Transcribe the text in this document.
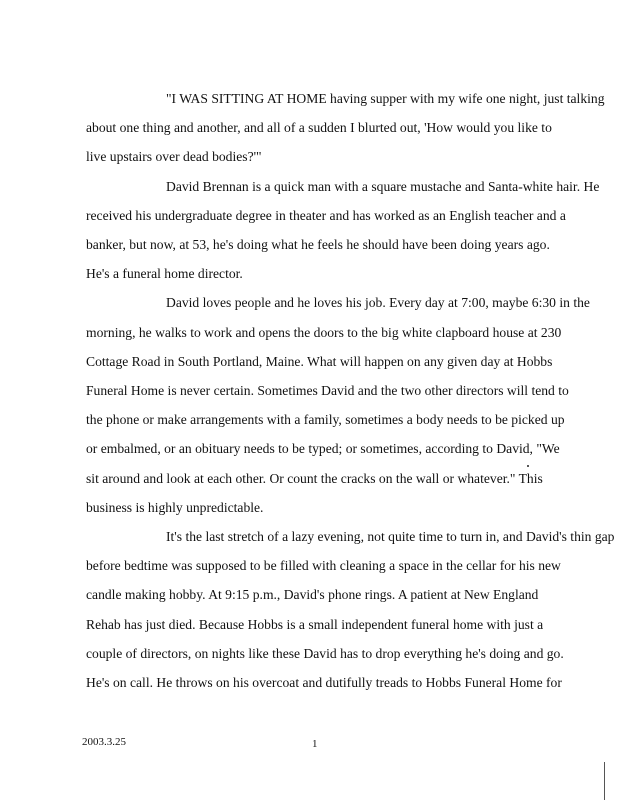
"I WAS SITTING AT HOME having supper with my wife one night, just talking
about one thing and another, and all of a sudden I blurted out, 'How would you like to
live upstairs over dead bodies?'"

David Brennan is a quick man with a square mustache and Santa-white hair. He
received his undergraduate degree in theater and has worked as an English teacher and a
banker, but now, at 53, he's doing what he feels he should have been doing years ago.
He's a funeral home director.

David loves people and he loves his job. Every day at 7:00, maybe 6:30 in the
morning, he walks to work and opens the doors to the big white clapboard house at 230
Cottage Road in South Portland, Maine. What will happen on any given day at Hobbs
Funeral Home is never certain. Sometimes David and the two other directors will tend to
the phone or make arrangements with a family, sometimes a body needs to be picked up
or embalmed, or an obituary needs to be typed; or sometimes, according to David, "We
sit around and look at each other. Or count the cracks on the wall or whatever." This
business is highly unpredictable.

It's the last stretch of a lazy evening, not quite time to turn in, and David's thin gap
before bedtime was supposed to be filled with cleaning a space in the cellar for his new
candle making hobby. At 9:15 p.m., David's phone rings. A patient at New England
Rehab has just died. Because Hobbs is a small independent funeral home with just a
couple of directors, on nights like these David has to drop everything he's doing and go.
He's on call. He throws on his overcoat and dutifully treads to Hobbs Funeral Home for

2003.3.25	1
